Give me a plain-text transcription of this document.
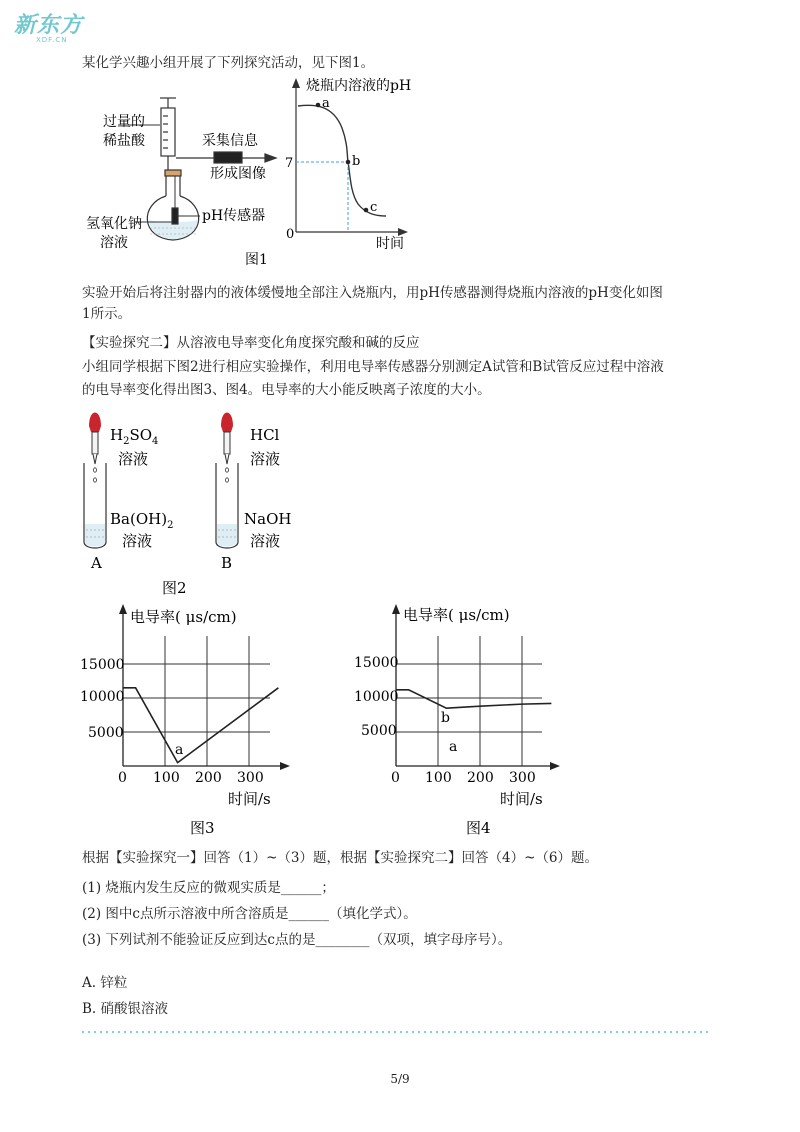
新东方
XDF.CN
某化学兴趣小组开展了下列探究活动，见下图1。
过量的
稀盐酸	采集信息
形成图像
pH传感器
氢氧化钠
溶液
a
b
c
烧瓶内溶液的pH
时间
7
0
图1
实验开始后将注射器内的液体缓慢地全部注入烧瓶内，用pH传感器测得烧瓶内溶液的pH变化如图
1所示。
【实验探究二】从溶液电导率变化角度探究酸和碱的反应
小组同学根据下图2进行相应实验操作，利用电导率传感器分别测定A试管和B试管反应过程中溶液
的电导率变化得出图3、图4。电导率的大小能反映离子浓度的大小。
$H_2SO_4$
溶液
$Ba(OH)_2$
溶液
A
HCl
溶液
NaOH
溶液
B
图2
电导率( μs/cm)
时间/s
15000
10000
5000
0 100 200 300
a
图3
电导率( μs/cm)
时间/s
15000
10000
5000
0 100 200 300
b
a
图4
根据【实验探究一】回答（1）~（3）题，根据【实验探究二】回答（4）~（6）题。
(1) 烧瓶内发生反应的微观实质是______；
(2) 图中c点所示溶液中所含溶质是______（填化学式）。
(3) 下列试剂不能验证反应到达c点的是________（双项，填字母序号）。
A. 锌粒
B. 硝酸银溶液
5/9
